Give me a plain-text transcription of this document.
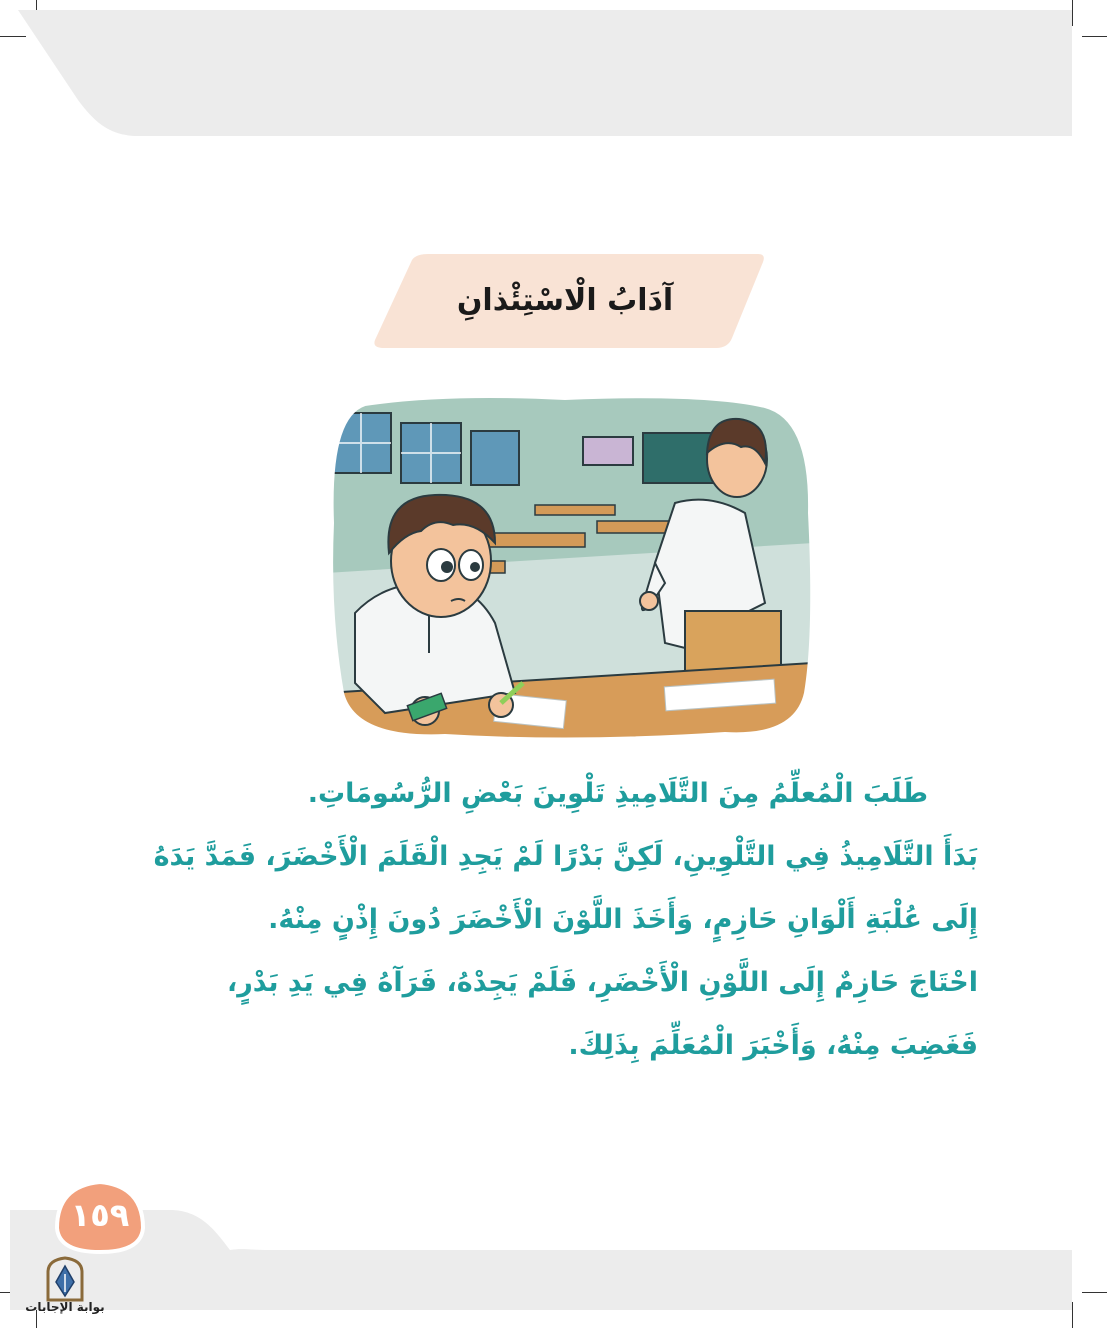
آدَابُ الْاسْتِئْذانِ

طَلَبَ الْمُعلِّمُ مِنَ التَّلَامِيذِ تَلْوِينَ بَعْضِ الرُّسُومَاتِ.

بَدَأَ التَّلَامِيذُ فِي التَّلْوِينِ، لَكِنَّ بَدْرًا لَمْ يَجِدِ الْقَلَمَ الْأَخْضَرَ، فَمَدَّ يَدَهُ إِلَى عُلْبَةِ أَلْوَانِ حَازِمٍ، وَأَخَذَ اللَّوْنَ الْأَخْضَرَ دُونَ إِذْنٍ مِنْهُ.

احْتَاجَ حَازِمٌ إِلَى اللَّوْنِ الْأَخْضَرِ، فَلَمْ يَجِدْهُ، فَرَآهُ فِي يَدِ بَدْرٍ، فَغَضِبَ مِنْهُ، وَأَخْبَرَ الْمُعَلِّمَ بِذَلِكَ.

١٥٩
بوابة الإجابات
